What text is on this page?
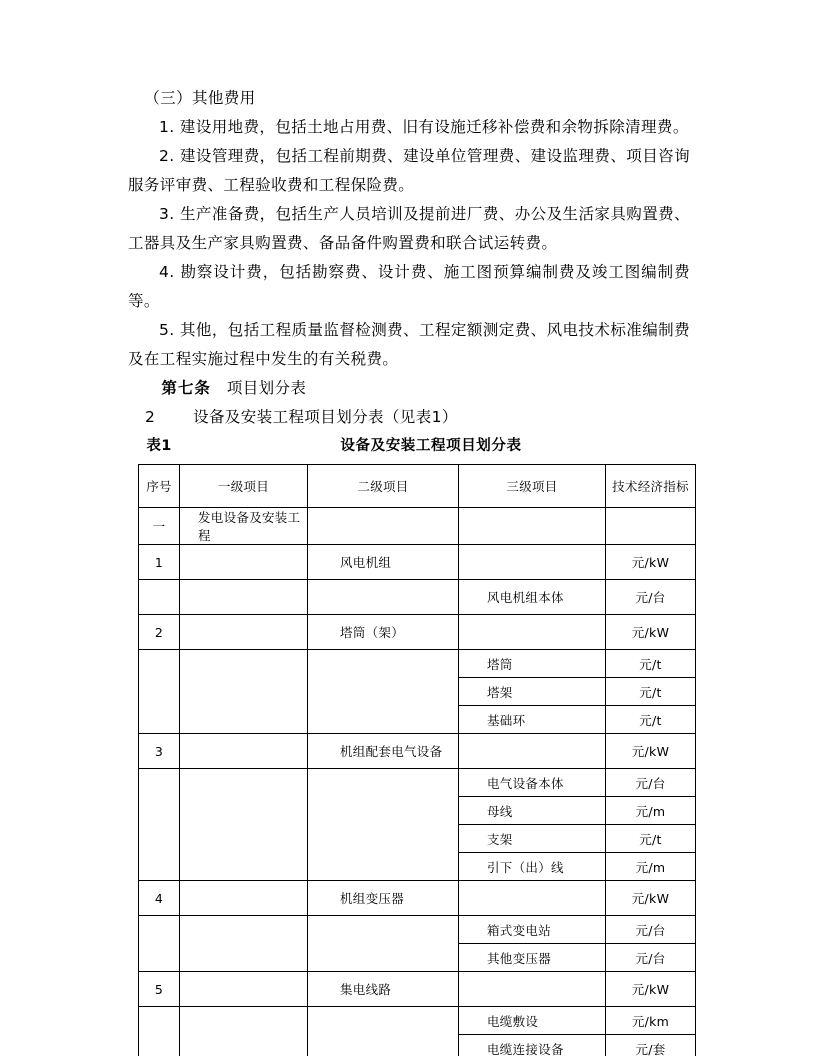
（三）其他费用

1. 建设用地费，包括土地占用费、旧有设施迁移补偿费和余物拆除清理费。

2. 建设管理费，包括工程前期费、建设单位管理费、建设监理费、项目咨询服务评审费、工程验收费和工程保险费。

3. 生产准备费，包括生产人员培训及提前进厂费、办公及生活家具购置费、工器具及生产家具购置费、备品备件购置费和联合试运转费。

4. 勘察设计费，包括勘察费、设计费、施工图预算编制费及竣工图编制费等。

5. 其他，包括工程质量监督检测费、工程定额测定费、风电技术标准编制费及在工程实施过程中发生的有关税费。

第七条 项目划分表

2 设备及安装工程项目划分表（见表1）

表1	设备及安装工程项目划分表
序号	一级项目	二级项目	三级项目	技术经济指标
一	发电设备及安装工程			
1		风电机组		元/kW
			风电机组本体	元/台
2		塔筒（架）		元/kW
			塔筒	元/t
			塔架	元/t
			基础环	元/t
3		机组配套电气设备		元/kW
			电气设备本体	元/台
			母线	元/m
			支架	元/t
			引下（出）线	元/m
4		机组变压器		元/kW
			箱式变电站	元/台
			其他变压器	元/台
5		集电线路		元/kW
			电缆敷设	元/km
			电缆连接设备	元/套
